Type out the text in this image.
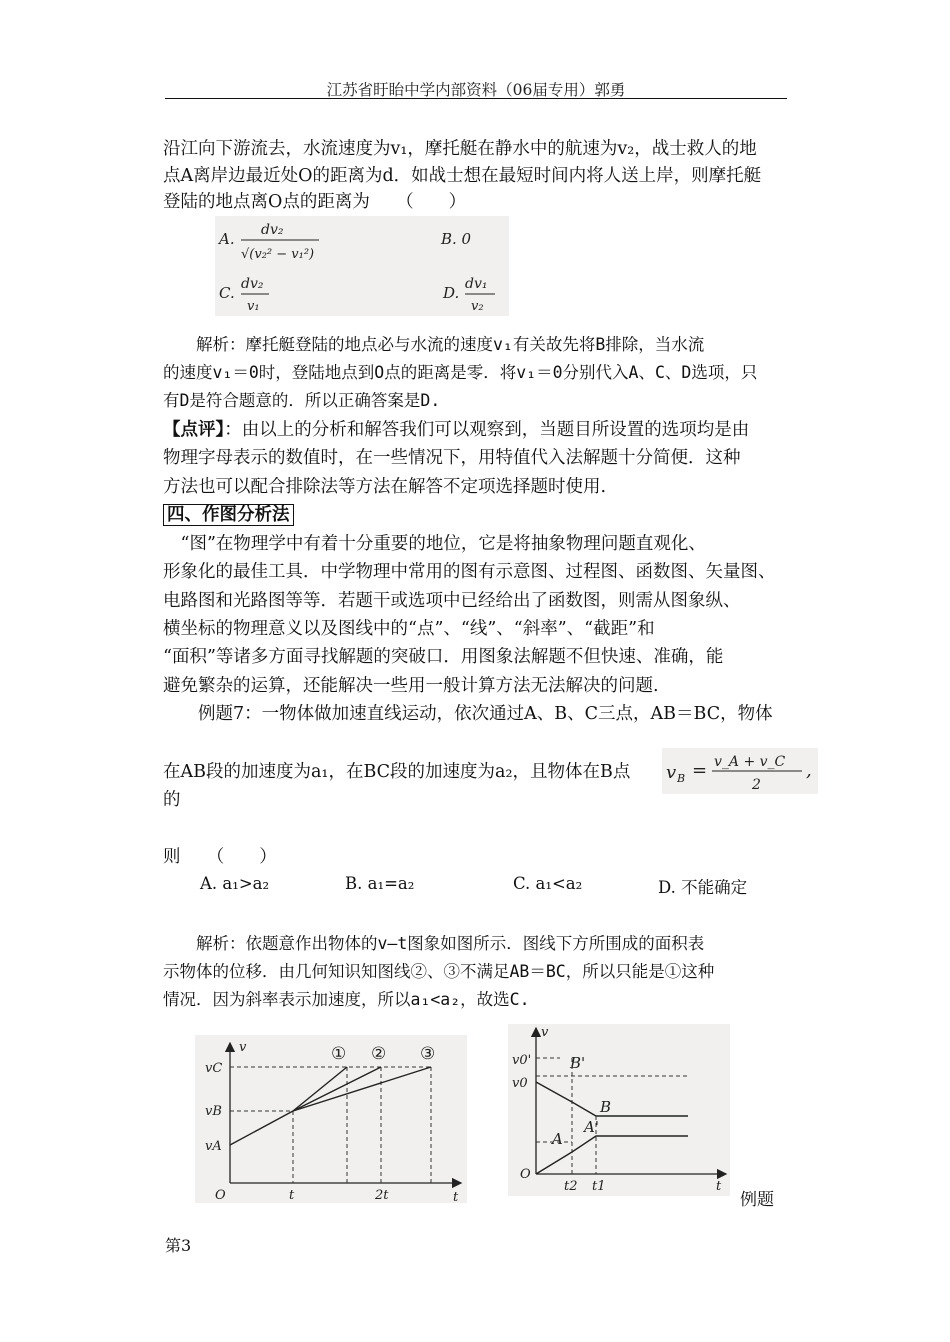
江苏省盱眙中学内部资料（06届专用）郭勇
沿江向下游流去，水流速度为v₁，摩托艇在静水中的航速为v₂，战士救人的地
点A离岸边最近处O的距离为d．如战士想在最短时间内将人送上岸，则摩托艇
登陆的地点离O点的距离为　　（　　）
A. dv₂
√(v₂² − v₁²)
B. 0
C. dv₂
v₁
D. dv₁
v₂
　　解析：摩托艇登陆的地点必与水流的速度v₁有关故先将B排除，当水流
的速度v₁＝0时，登陆地点到O点的距离是零．将v₁＝0分别代入A、C、D选项，只
有D是符合题意的．所以正确答案是D.
【点评】：由以上的分析和解答我们可以观察到，当题目所设置的选项均是由
物理字母表示的数值时，在一些情况下，用特值代入法解题十分简便．这种
方法也可以配合排除法等方法在解答不定项选择题时使用.
四、作图分析法
　“图”在物理学中有着十分重要的地位，它是将抽象物理问题直观化、
形象化的最佳工具．中学物理中常用的图有示意图、过程图、函数图、矢量图、
电路图和光路图等等．若题干或选项中已经给出了函数图，则需从图象纵、
横坐标的物理意义以及图线中的“点”、“线”、“斜率”、“截距”和
“面积”等诸多方面寻找解题的突破口．用图象法解题不但快速、准确，能
避免繁杂的运算，还能解决一些用一般计算方法无法解决的问题.
　　例题7：一物体做加速直线运动，依次通过A、B、C三点，AB＝BC，物体
在AB段的加速度为a₁，在BC段的加速度为a₂，且物体在B点
的
v B = v_A + v_C
2
,
则　　（　　）
A. a₁>a₂	B. a₁=a₂	C. a₁<a₂	D. 不能确定
　　解析：依题意作出物体的v—t图象如图所示．图线下方所围成的面积表
示物体的位移．由几何知识知图线②、③不满足AB＝BC，所以只能是①这种
情况．因为斜率表示加速度，所以a₁<a₂，故选C.
v
t
O
vC
vB
vA
t	2t
① ② ③
v
t
O
v0'
v0
B'
B
A
A'
t2 t1
例题
第3
